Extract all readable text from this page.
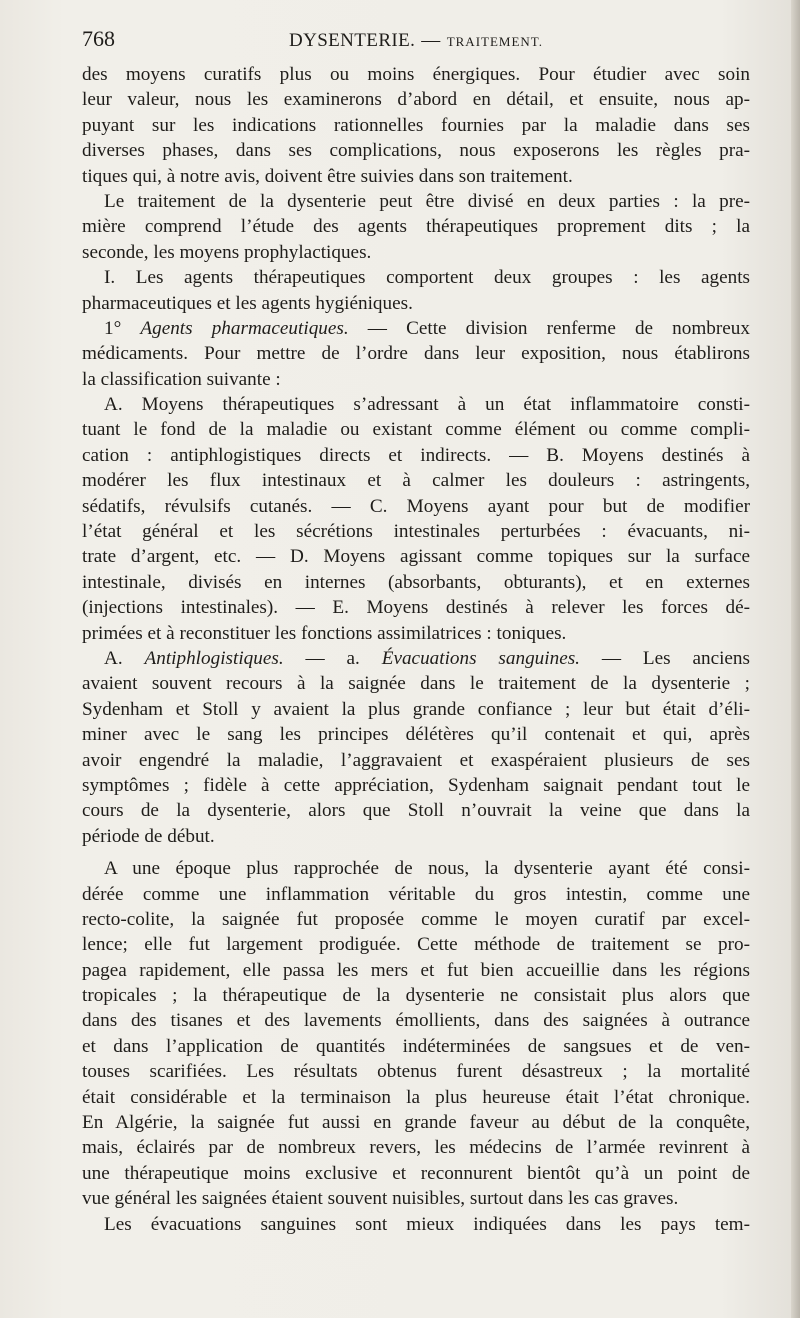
768	DYSENTERIE. — TRAITEMENT.
des moyens curatifs plus ou moins énergiques. Pour étudier avec soin
leur valeur, nous les examinerons d’abord en détail, et ensuite, nous ap-
puyant sur les indications rationnelles fournies par la maladie dans ses
diverses phases, dans ses complications, nous exposerons les règles pra-
tiques qui, à notre avis, doivent être suivies dans son traitement.
Le traitement de la dysenterie peut être divisé en deux parties : la pre-
mière comprend l’étude des agents thérapeutiques proprement dits ; la
seconde, les moyens prophylactiques.
I. Les agents thérapeutiques comportent deux groupes : les agents
pharmaceutiques et les agents hygiéniques.
1° Agents pharmaceutiques. — Cette division renferme de nombreux
médicaments. Pour mettre de l’ordre dans leur exposition, nous établirons
la classification suivante :
A. Moyens thérapeutiques s’adressant à un état inflammatoire consti-
tuant le fond de la maladie ou existant comme élément ou comme compli-
cation : antiphlogistiques directs et indirects. — B. Moyens destinés à
modérer les flux intestinaux et à calmer les douleurs : astringents,
sédatifs, révulsifs cutanés. — C. Moyens ayant pour but de modifier
l’état général et les sécrétions intestinales perturbées : évacuants, ni-
trate d’argent, etc. — D. Moyens agissant comme topiques sur la surface
intestinale, divisés en internes (absorbants, obturants), et en externes
(injections intestinales). — E. Moyens destinés à relever les forces dé-
primées et à reconstituer les fonctions assimilatrices : toniques.
A. Antiphlogistiques. — a. Évacuations sanguines. — Les anciens
avaient souvent recours à la saignée dans le traitement de la dysenterie ;
Sydenham et Stoll y avaient la plus grande confiance ; leur but était d’éli-
miner avec le sang les principes délétères qu’il contenait et qui, après
avoir engendré la maladie, l’aggravaient et exaspéraient plusieurs de ses
symptômes ; fidèle à cette appréciation, Sydenham saignait pendant tout le
cours de la dysenterie, alors que Stoll n’ouvrait la veine que dans la
période de début.
A une époque plus rapprochée de nous, la dysenterie ayant été consi-
dérée comme une inflammation véritable du gros intestin, comme une
recto-colite, la saignée fut proposée comme le moyen curatif par excel-
lence; elle fut largement prodiguée. Cette méthode de traitement se pro-
pagea rapidement, elle passa les mers et fut bien accueillie dans les régions
tropicales ; la thérapeutique de la dysenterie ne consistait plus alors que
dans des tisanes et des lavements émollients, dans des saignées à outrance
et dans l’application de quantités indéterminées de sangsues et de ven-
touses scarifiées. Les résultats obtenus furent désastreux ; la mortalité
était considérable et la terminaison la plus heureuse était l’état chronique.
En Algérie, la saignée fut aussi en grande faveur au début de la conquête,
mais, éclairés par de nombreux revers, les médecins de l’armée revinrent à
une thérapeutique moins exclusive et reconnurent bientôt qu’à un point de
vue général les saignées étaient souvent nuisibles, surtout dans les cas graves.
Les évacuations sanguines sont mieux indiquées dans les pays tem-
